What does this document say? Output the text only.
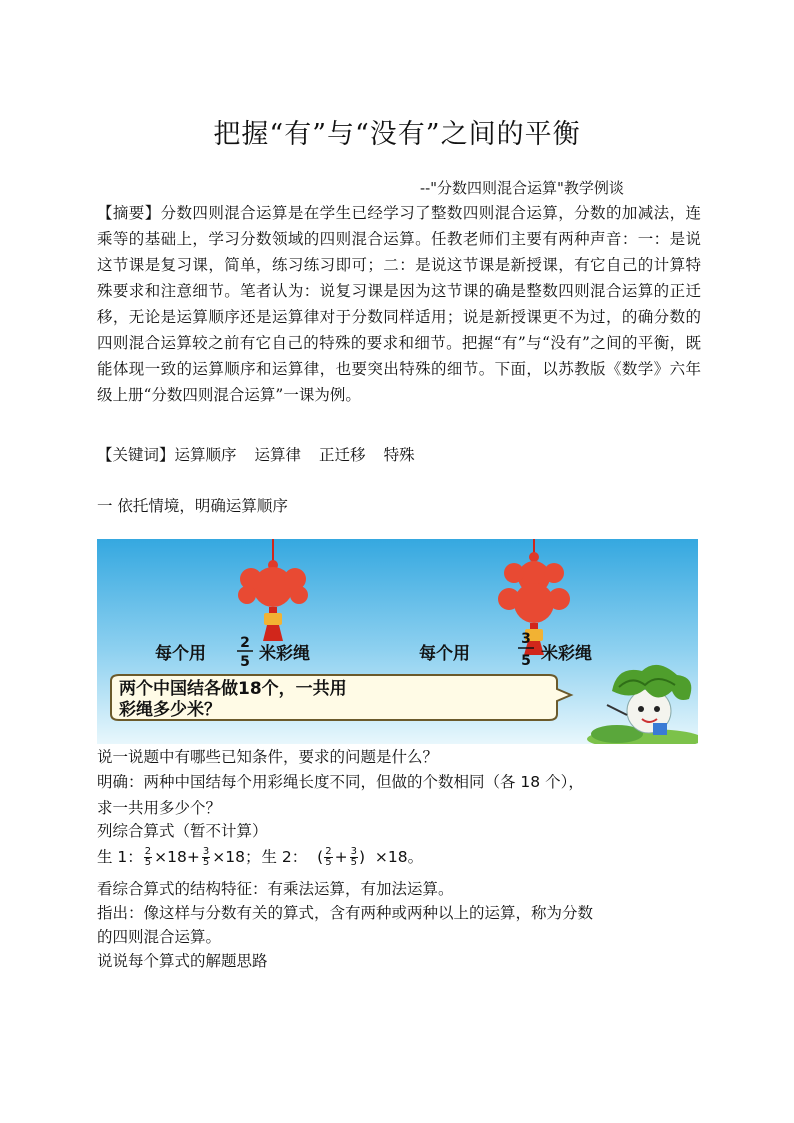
把握“有”与“没有”之间的平衡
--"分数四则混合运算"教学例谈
【摘要】分数四则混合运算是在学生已经学习了整数四则混合运算，分数的加减法，连乘等的基础上，学习分数领域的四则混合运算。任教老师们主要有两种声音：一：是说这节课是复习课，简单，练习练习即可；二：是说这节课是新授课，有它自己的计算特殊要求和注意细节。笔者认为：说复习课是因为这节课的确是整数四则混合运算的正迁移，无论是运算顺序还是运算律对于分数同样适用；说是新授课更不为过，的确分数的四则混合运算较之前有它自己的特殊的要求和细节。把握“有”与“没有”之间的平衡，既能体现一致的运算顺序和运算律，也要突出特殊的细节。下面，以苏教版《数学》六年级上册“分数四则混合运算”一课为例。
【关键词】运算顺序 运算律 正迁移 特殊
一 依托情境，明确运算顺序
每个用
2
5 米彩绳	每个用
3
5 米彩绳
两个中国结各做18个，一共用
彩绳多少米？
说一说题中有哪些已知条件，要求的问题是什么？
明确：两种中国结每个用彩绳长度不同，但做的个数相同（各 18 个），
求一共用多少个？
列综合算式（暂不计算）
生 1： $\frac{2}{5} \times 18+ \frac{3}{5} \times 18$；生 2： ( $\frac{2}{5} + \frac{3}{5}$ ) ×18。
看综合算式的结构特征：有乘法运算，有加法运算。
指出：像这样与分数有关的算式，含有两种或两种以上的运算，称为分数
的四则混合运算。
说说每个算式的解题思路
